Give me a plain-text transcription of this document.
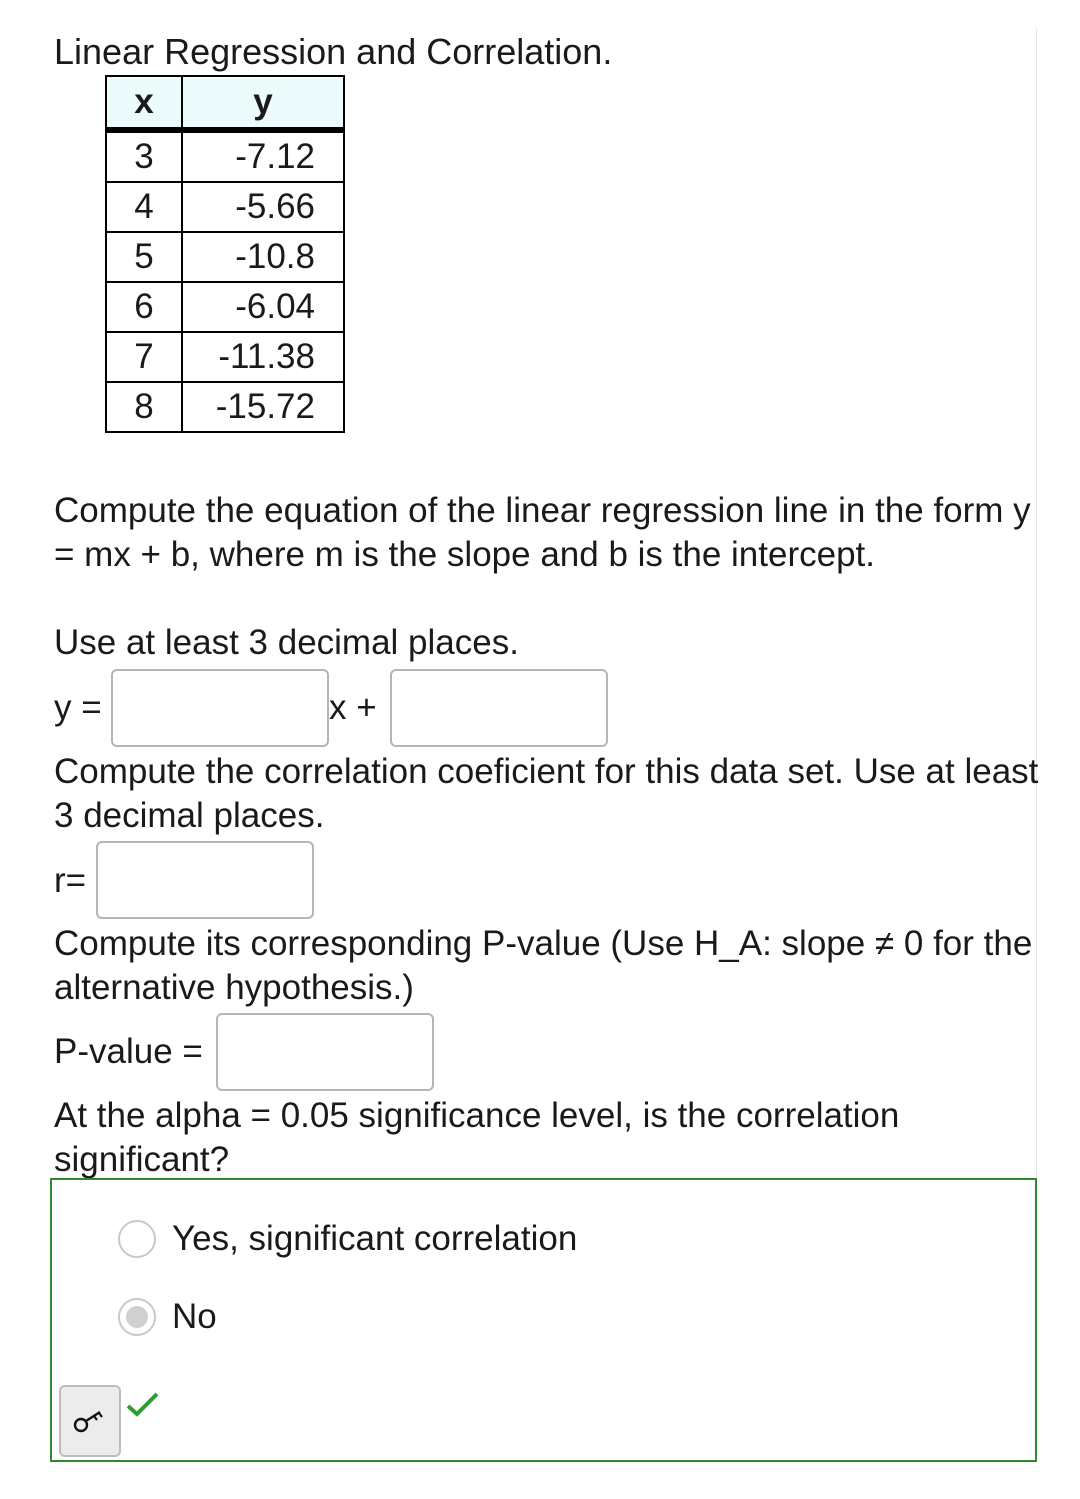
Linear Regression and Correlation.
x	y
3	-7.12
4	-5.66
5	-10.8
6	-6.04
7	-11.38
8	-15.72
Compute the equation of the linear regression line in the form y = mx + b, where m is the slope and b is the intercept.
Use at least 3 decimal places.
y =	x +
Compute the correlation coeficient for this data set. Use at least 3 decimal places.
r=
Compute its corresponding P-value (Use H_A: slope ≠ 0 for the alternative hypothesis.)
P-value =
At the alpha = 0.05 significance level, is the correlation significant?
Yes, significant correlation
No
